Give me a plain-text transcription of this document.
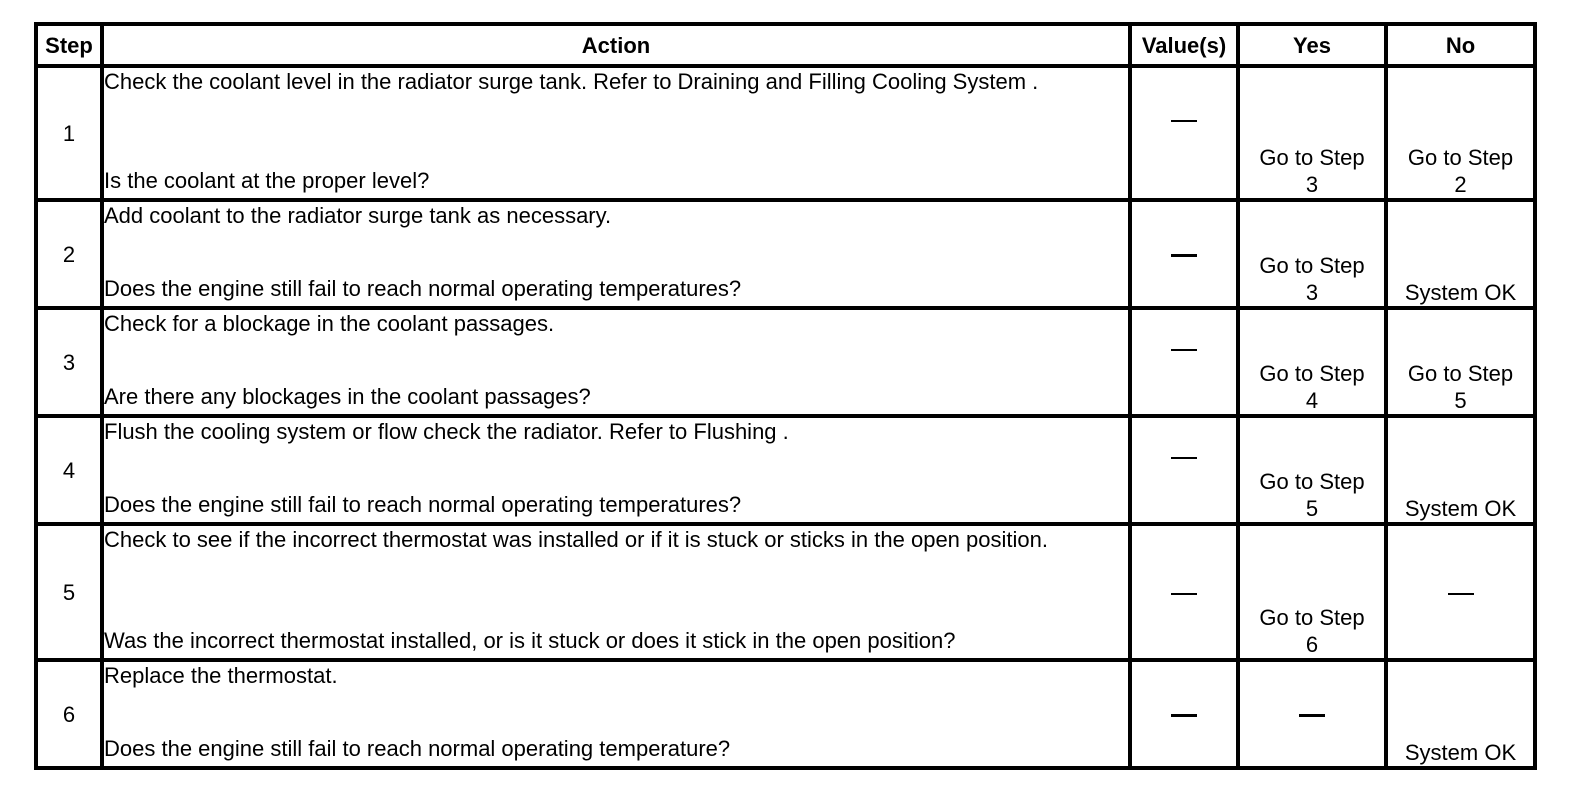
Step	Action	Value(s)	Yes	No
1	Check the coolant level in the radiator surge tank. Refer to Draining and Filling Cooling System .
Is the coolant at the proper level?		Go to Step 3	Go to Step 2

2	Add coolant to the radiator surge tank as necessary.
Does the engine still fail to reach normal operating temperatures?		Go to Step 3	System OK

3	Check for a blockage in the coolant passages.
Are there any blockages in the coolant passages?		Go to Step 4	Go to Step 5

4	Flush the cooling system or flow check the radiator. Refer to Flushing .
Does the engine still fail to reach normal operating temperatures?		Go to Step 5	System OK

5	Check to see if the incorrect thermostat was installed or if it is stuck or sticks in the open position.
Was the incorrect thermostat installed, or is it stuck or does it stick in the open position?		Go to Step 6	

6	Replace the thermostat.
Does the engine still fail to reach normal operating temperature?			System OK
